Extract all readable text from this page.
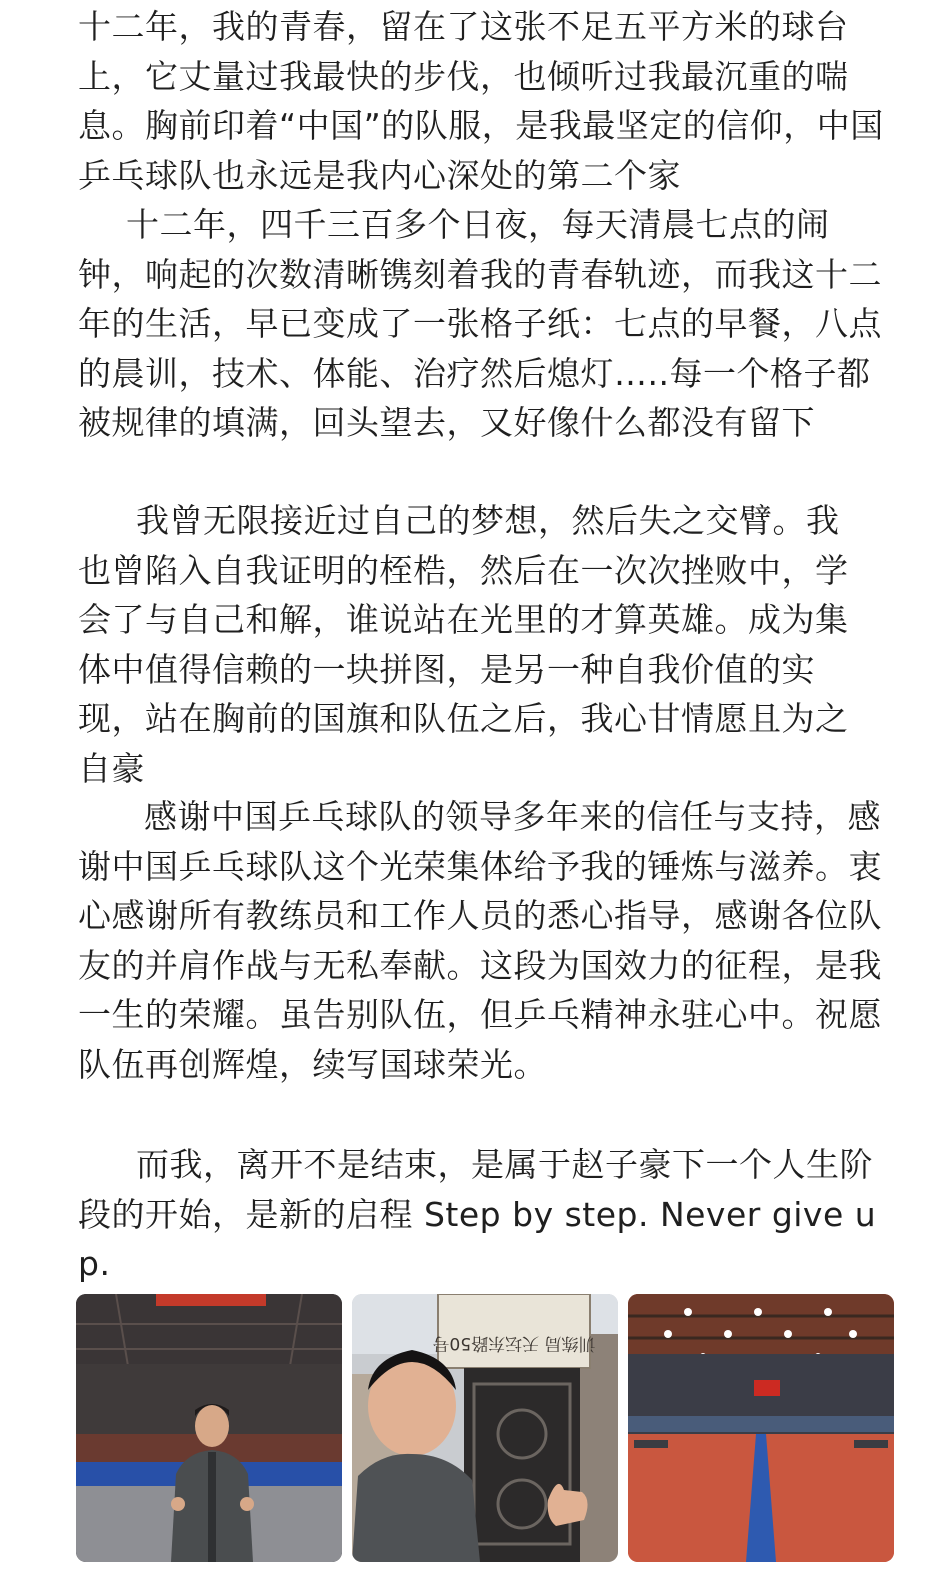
十二年，我的青春，留在了这张不足五平方米的球台上，它丈量过我最快的步伐，也倾听过我最沉重的喘息。胸前印着“中国”的队服，是我最坚定的信仰，中国乒乓球队也永远是我内心深处的第二个家

十二年，四千三百多个日夜，每天清晨七点的闹钟，响起的次数清晰镌刻着我的青春轨迹，而我这十二年的生活，早已变成了一张格子纸：七点的早餐，八点的晨训，技术、体能、治疗然后熄灯…..每一个格子都被规律的填满，回头望去，又好像什么都没有留下

我曾无限接近过自己的梦想，然后失之交臂。我也曾陷入自我证明的桎梏，然后在一次次挫败中，学会了与自己和解，谁说站在光里的才算英雄。成为集体中值得信赖的一块拼图，是另一种自我价值的实现，站在胸前的国旗和队伍之后，我心甘情愿且为之自豪

感谢中国乒乓球队的领导多年来的信任与支持，感谢中国乒乓球队这个光荣集体给予我的锤炼与滋养。衷心感谢所有教练员和工作人员的悉心指导，感谢各位队友的并肩作战与无私奉献。这段为国效力的征程，是我一生的荣耀。虽告别队伍，但乒乓精神永驻心中。祝愿队伍再创辉煌，续写国球荣光。

而我，离开不是结束，是属于赵子豪下一个人生阶段的开始，是新的启程 Step by step. Never give up.

训练局 天坛东路50号
